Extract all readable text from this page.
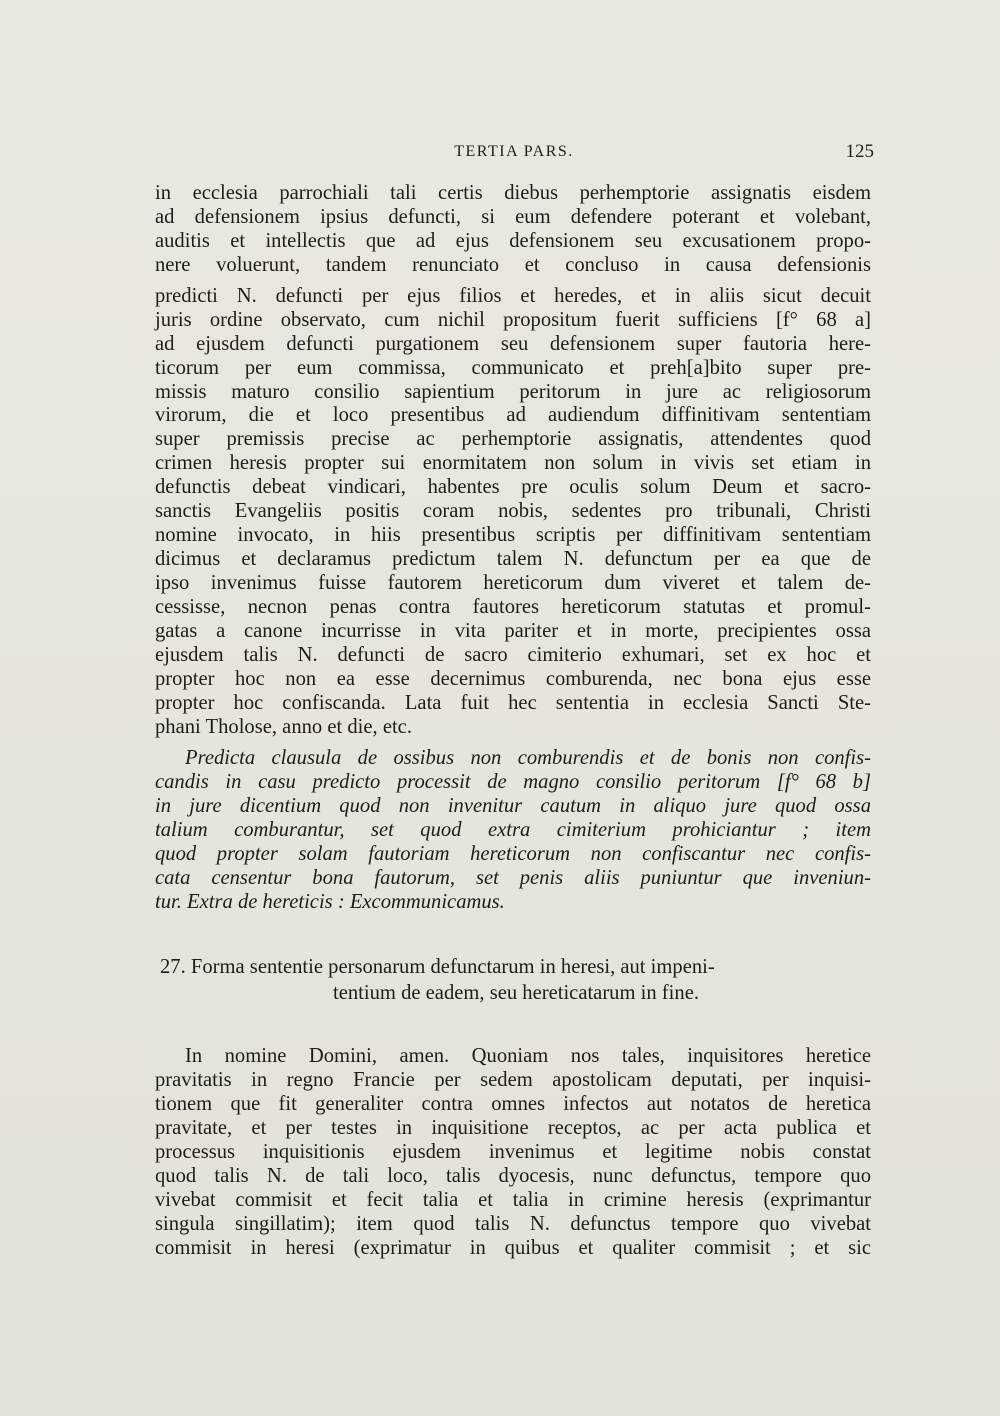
TERTIA PARS.	125
in ecclesia parrochiali tali certis diebus perhemptorie assignatis eisdem
ad defensionem ipsius defuncti, si eum defendere poterant et volebant,
auditis et intellectis que ad ejus defensionem seu excusationem propo-
nere voluerunt, tandem renunciato et concluso in causa defensionis
predicti N. defuncti per ejus filios et heredes, et in aliis sicut decuit
juris ordine observato, cum nichil propositum fuerit sufficiens [f° 68 a]
ad ejusdem defuncti purgationem seu defensionem super fautoria here-
ticorum per eum commissa, communicato et preh[a]bito super pre-
missis maturo consilio sapientium peritorum in jure ac religiosorum
virorum, die et loco presentibus ad audiendum diffinitivam sententiam
super premissis precise ac perhemptorie assignatis, attendentes quod
crimen heresis propter sui enormitatem non solum in vivis set etiam in
defunctis debeat vindicari, habentes pre oculis solum Deum et sacro-
sanctis Evangeliis positis coram nobis, sedentes pro tribunali, Christi
nomine invocato, in hiis presentibus scriptis per diffinitivam sententiam
dicimus et declaramus predictum talem N. defunctum per ea que de
ipso invenimus fuisse fautorem hereticorum dum viveret et talem de-
cessisse, necnon penas contra fautores hereticorum statutas et promul-
gatas a canone incurrisse in vita pariter et in morte, precipientes ossa
ejusdem talis N. defuncti de sacro cimiterio exhumari, set ex hoc et
propter hoc non ea esse decernimus comburenda, nec bona ejus esse
propter hoc confiscanda. Lata fuit hec sententia in ecclesia Sancti Ste-
phani Tholose, anno et die, etc.
Predicta clausula de ossibus non comburendis et de bonis non confis-
candis in casu predicto processit de magno consilio peritorum [f° 68 b]
in jure dicentium quod non invenitur cautum in aliquo jure quod ossa
talium comburantur, set quod extra cimiterium prohiciantur ; item
quod propter solam fautoriam hereticorum non confiscantur nec confis-
cata censentur bona fautorum, set penis aliis puniuntur que inveniun-
tur. Extra de hereticis : Excommunicamus.
27. Forma sententie personarum defunctarum in heresi, aut impeni-
tentium de eadem, seu hereticatarum in fine.
In nomine Domini, amen. Quoniam nos tales, inquisitores heretice
pravitatis in regno Francie per sedem apostolicam deputati, per inquisi-
tionem que fit generaliter contra omnes infectos aut notatos de heretica
pravitate, et per testes in inquisitione receptos, ac per acta publica et
processus inquisitionis ejusdem invenimus et legitime nobis constat
quod talis N. de tali loco, talis dyocesis, nunc defunctus, tempore quo
vivebat commisit et fecit talia et talia in crimine heresis (exprimantur
singula singillatim); item quod talis N. defunctus tempore quo vivebat
commisit in heresi (exprimatur in quibus et qualiter commisit ; et sic
